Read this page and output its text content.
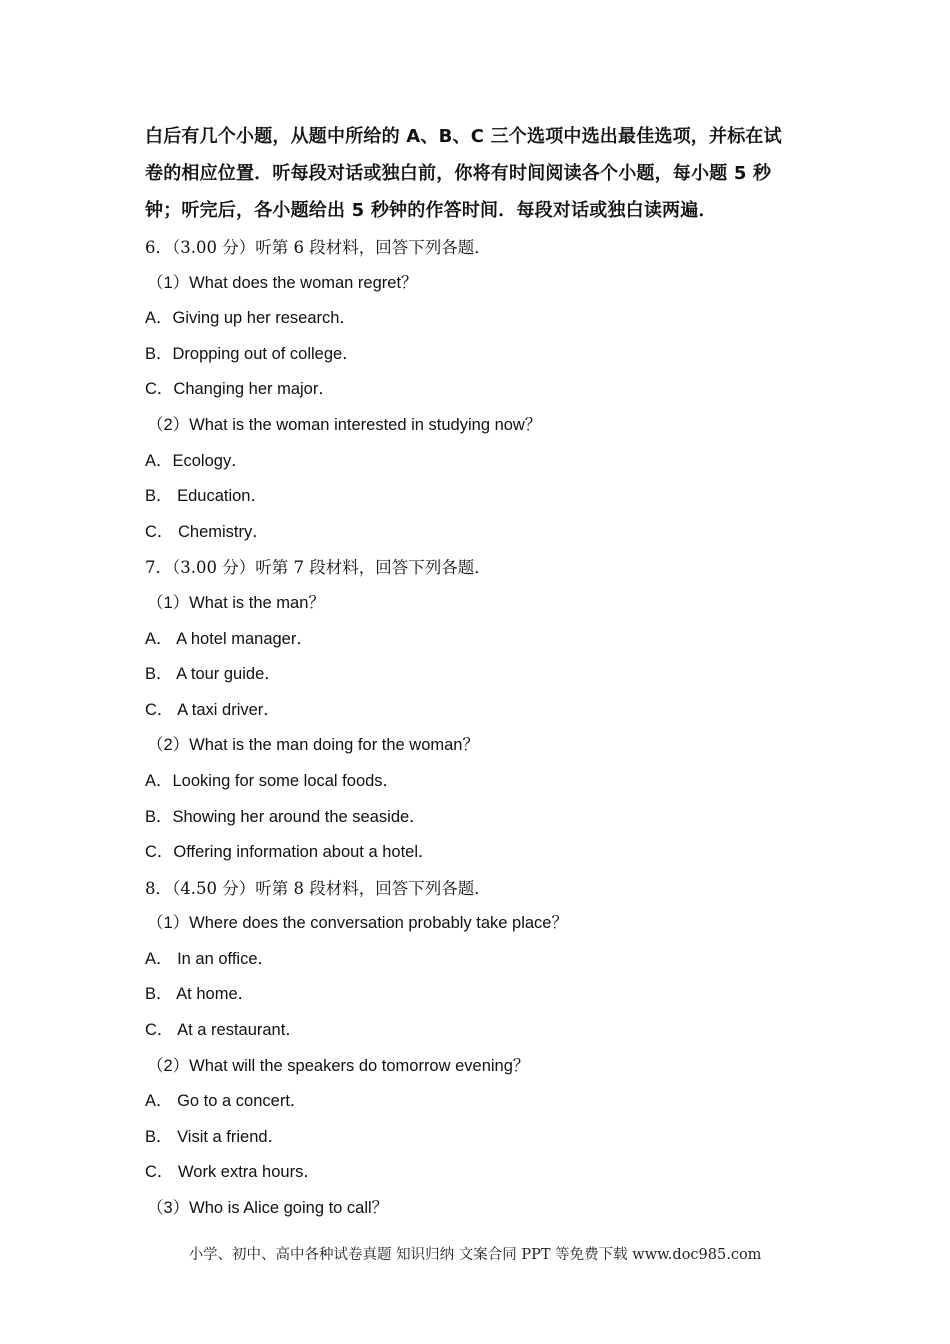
白后有几个小题，从题中所给的 A、B、C 三个选项中选出最佳选项，并标在试

卷的相应位置．听每段对话或独白前，你将有时间阅读各个小题，每小题 5 秒

钟；听完后，各小题给出 5 秒钟的作答时间．每段对话或独白读两遍．

6．（3.00 分）听第 6 段材料，回答下列各题．
（1）What does the woman regret？
A．Giving up her research．
B．Dropping out of college．
C．Changing her major．
（2）What is the woman interested in studying now？
A．Ecology．
B． Education．
C． Chemistry．
7．（3.00 分）听第 7 段材料，回答下列各题．
（1）What is the man？
A． A hotel manager．
B． A tour guide．
C． A taxi driver．
（2）What is the man doing for the woman？
A．Looking for some local foods．
B．Showing her around the seaside．
C．Offering information about a hotel．
8．（4.50 分）听第 8 段材料，回答下列各题．
（1）Where does the conversation probably take place？
A． In an office．
B． At home．
C． At a restaurant．
（2）What will the speakers do tomorrow evening？
A． Go to a concert．
B． Visit a friend．
C． Work extra hours．
（3）Who is Alice going to call？
小学、初中、高中各种试卷真题 知识归纳 文案合同 PPT 等免费下载 www.doc985.com
